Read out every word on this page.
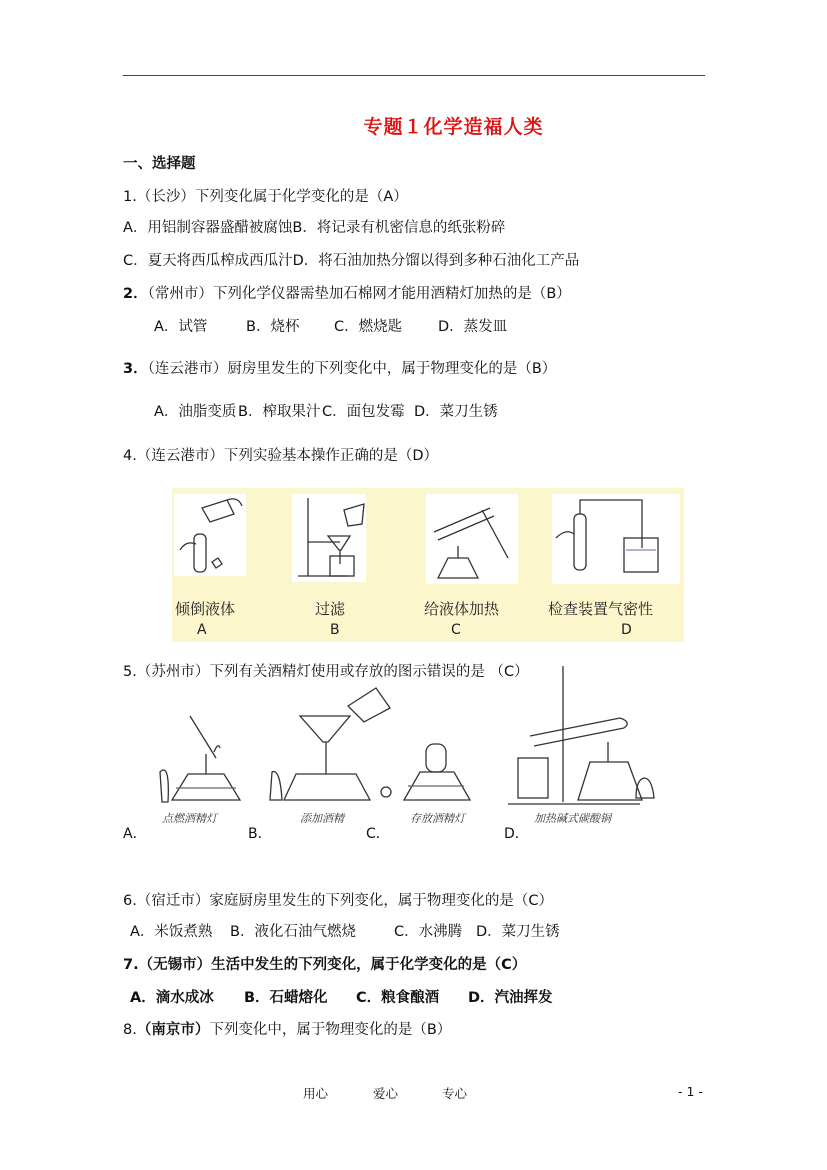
专题１化学造福人类
一、选择题
1.（长沙）下列变化属于化学变化的是（A）
A．用铝制容器盛醋被腐蚀B．将记录有机密信息的纸张粉碎
C．夏天将西瓜榨成西瓜汁D．将石油加热分馏以得到多种石油化工产品
2．（常州市）下列化学仪器需垫加石棉网才能用酒精灯加热的是（B）
A．试管	B．烧杯 C．燃烧匙 D．蒸发皿
3．（连云港市）厨房里发生的下列变化中，属于物理变化的是（B）
A．油脂变质 B．榨取果汁 C．面包发霉 D．菜刀生锈
4.（连云港市）下列实验基本操作正确的是（D）
倾倒液体	过滤	给液体加热	检查装置气密性
A	B	C	D
5.（苏州市）下列有关酒精灯使用或存放的图示错误的是 （C）
点燃酒精灯	添加酒精	存放酒精灯	加热碱式碳酸铜
A．	B．	C．	D．
6.（宿迁市）家庭厨房里发生的下列变化，属于物理变化的是（C）
A．米饭煮熟 B．液化石油气燃烧	C．水沸腾 D．菜刀生锈
7.（无锡市）生活中发生的下列变化，属于化学变化的是（C）
A．滴水成冰 B．石蜡熔化 C．粮食酿酒 D．汽油挥发
8.（南京市）下列变化中，属于物理变化的是（B）
用心	爱心	专心	- 1 -
